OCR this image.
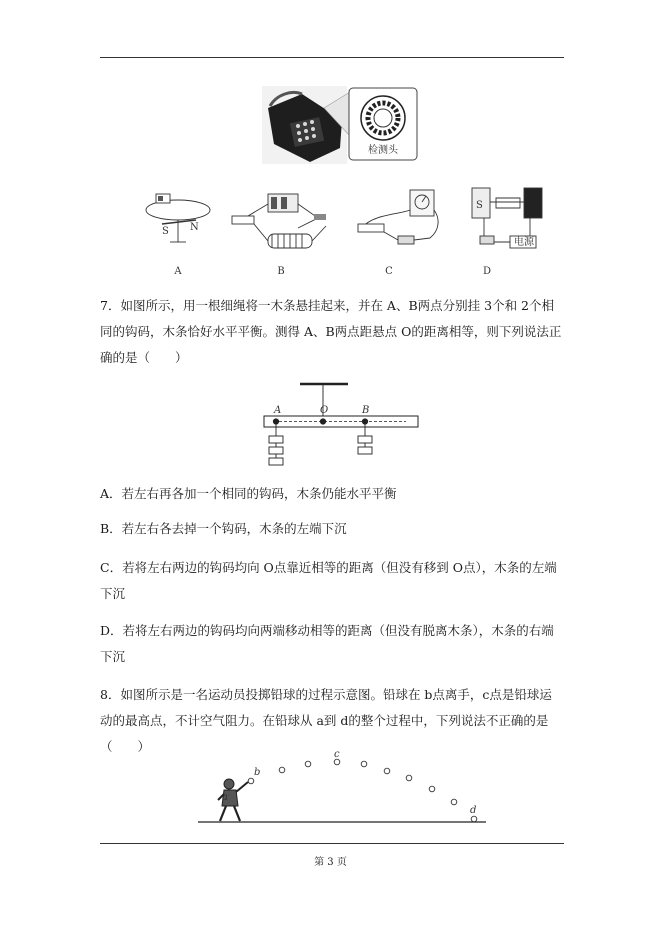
检测头
S N
S
电源
A	B	C	D

7．如图所示，用一根细绳将一木条悬挂起来，并在 A、B两点分别挂 3个和 2个相同的钩码，木条恰好水平平衡。测得 A、B两点距悬点 O的距离相等，则下列说法正确的是（　　）

A	O	B

A．若左右再各加一个相同的钩码，木条仍能水平平衡

B．若左右各去掉一个钩码，木条的左端下沉

C．若将左右两边的钩码均向 O点靠近相等的距离（但没有移到 O点），木条的左端下沉

D．若将左右两边的钩码均向两端移动相等的距离（但没有脱离木条），木条的右端下沉

8．如图所示是一名运动员投掷铅球的过程示意图。铅球在 b点离手，c点是铅球运动的最高点，不计空气阻力。在铅球从 a到 d的整个过程中，下列说法不正确的是（　　）

a
b
c
d
第 3 页
